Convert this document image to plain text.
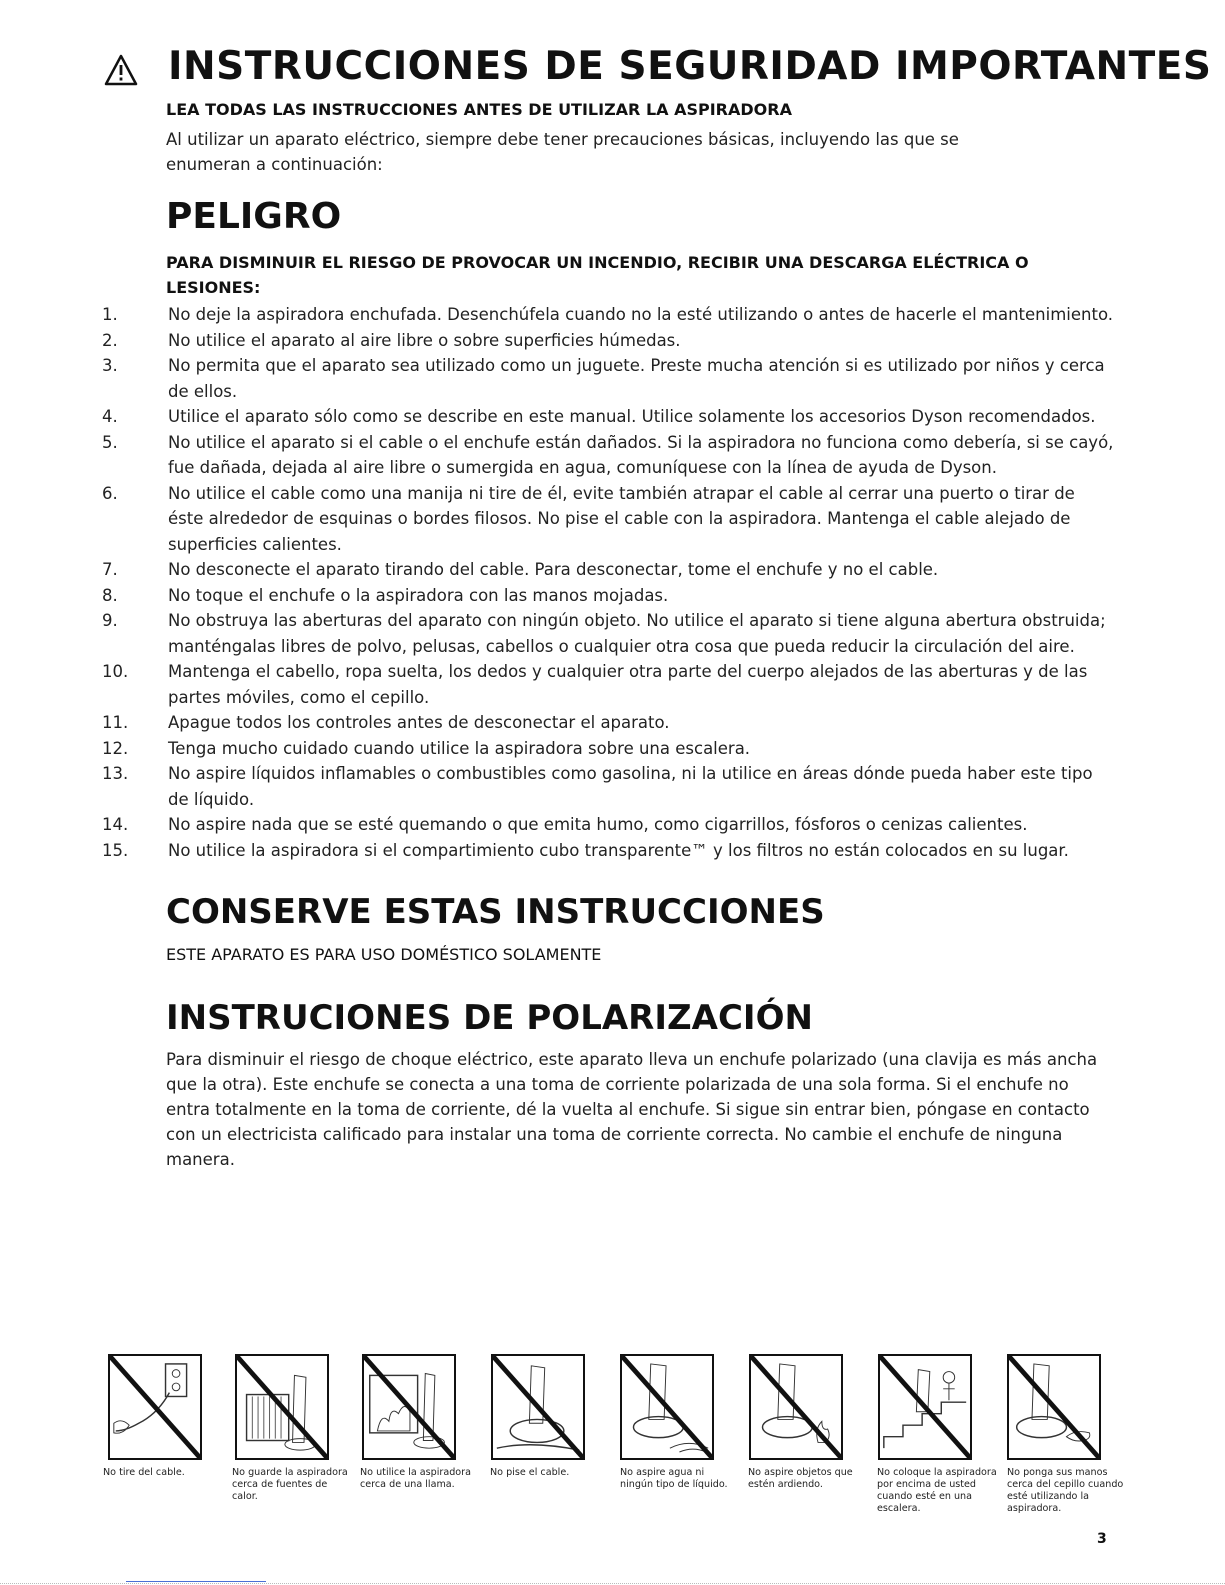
INSTRUCCIONES DE SEGURIDAD IMPORTANTES
LEA TODAS LAS INSTRUCCIONES ANTES DE UTILIZAR LA ASPIRADORA
Al utilizar un aparato eléctrico, siempre debe tener precauciones básicas, incluyendo las que se enumeran a continuación:
PELIGRO
PARA DISMINUIR EL RIESGO DE PROVOCAR UN INCENDIO, RECIBIR UNA DESCARGA ELÉCTRICA O LESIONES:
1.	No deje la aspiradora enchufada. Desenchúfela cuando no la esté utilizando o antes de hacerle el mantenimiento.
2.	No utilice el aparato al aire libre o sobre superficies húmedas.
3.	No permita que el aparato sea utilizado como un juguete. Preste mucha atención si es utilizado por niños y cerca de ellos.
4.	Utilice el aparato sólo como se describe en este manual. Utilice solamente los accesorios Dyson recomendados.
5.	No utilice el aparato si el cable o el enchufe están dañados. Si la aspiradora no funciona como debería, si se cayó, fue dañada, dejada al aire libre o sumergida en agua, comuníquese con la línea de ayuda de Dyson.
6.	No utilice el cable como una manija ni tire de él, evite también atrapar el cable al cerrar una puerto o tirar de éste alrededor de esquinas o bordes filosos. No pise el cable con la aspiradora. Mantenga el cable alejado de superficies calientes.
7.	No desconecte el aparato tirando del cable. Para desconectar, tome el enchufe y no el cable.
8.	No toque el enchufe o la aspiradora con las manos mojadas.
9.	No obstruya las aberturas del aparato con ningún objeto. No utilice el aparato si tiene alguna abertura obstruida; manténgalas libres de polvo, pelusas, cabellos o cualquier otra cosa que pueda reducir la circulación del aire.
10.	Mantenga el cabello, ropa suelta, los dedos y cualquier otra parte del cuerpo alejados de las aberturas y de las partes móviles, como el cepillo.
11.	Apague todos los controles antes de desconectar el aparato.
12.	Tenga mucho cuidado cuando utilice la aspiradora sobre una escalera.
13.	No aspire líquidos inflamables o combustibles como gasolina, ni la utilice en áreas dónde pueda haber este tipo de líquido.
14.	No aspire nada que se esté quemando o que emita humo, como cigarrillos, fósforos o cenizas calientes.
15.	No utilice la aspiradora si el compartimiento cubo transparente™ y los filtros no están colocados en su lugar.
CONSERVE ESTAS INSTRUCCIONES
ESTE APARATO ES PARA USO DOMÉSTICO SOLAMENTE
INSTRUCIONES DE POLARIZACIÓN
Para disminuir el riesgo de choque eléctrico, este aparato lleva un enchufe polarizado (una clavija es más ancha que la otra). Este enchufe se conecta a una toma de corriente polarizada de una sola forma. Si el enchufe no entra totalmente en la toma de corriente, dé la vuelta al enchufe. Si sigue sin entrar bien, póngase en contacto con un electricista calificado para instalar una toma de corriente correcta. No cambie el enchufe de ninguna manera.
No tire del cable.	No guarde la aspiradora cerca de fuentes de calor.
No utilice la aspiradora cerca de una llama.
No pise el cable.	No aspire agua ni ningún tipo de líquido.
No aspire objetos que estén ardiendo.
No coloque la aspiradora por encima de usted cuando esté en una escalera.
No ponga sus manos cerca del cepillo cuando esté utilizando la aspiradora.
3
